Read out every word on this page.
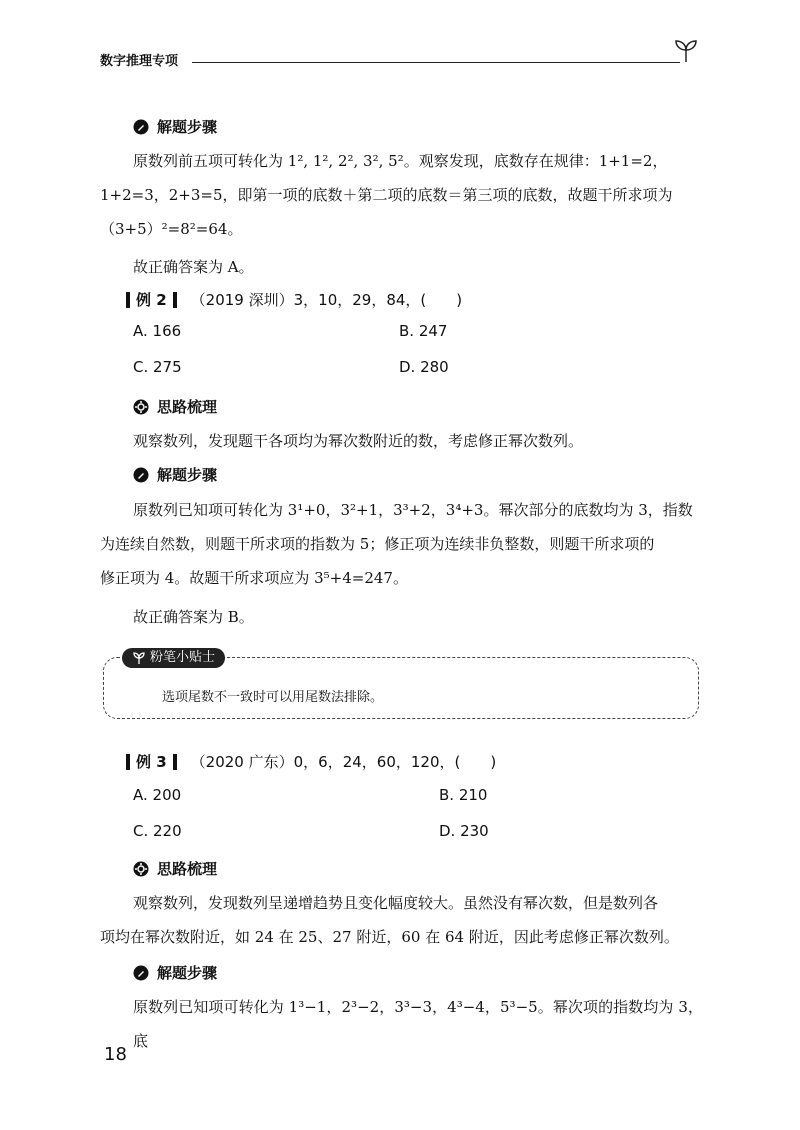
数字推理专项
解题步骤

原数列前五项可转化为 1², 1², 2², 3², 5²。观察发现，底数存在规律：1+1=2，

1+2=3，2+3=5，即第一项的底数＋第二项的底数＝第三项的底数，故题干所求项为

（3+5）²=8²=64。

故正确答案为 A。

例 2 （2019 深圳）3，10，29，84，(　　)
A. 166	B. 247
C. 275	D. 280
思路梳理

观察数列，发现题干各项均为幂次数附近的数，考虑修正幂次数列。

解题步骤

原数列已知项可转化为 3¹+0，3²+1，3³+2，3⁴+3。幂次部分的底数均为 3，指数

为连续自然数，则题干所求项的指数为 5；修正项为连续非负整数，则题干所求项的

修正项为 4。故题干所求项应为 3⁵+4=247。

故正确答案为 B。

粉笔小贴士
选项尾数不一致时可以用尾数法排除。
例 3 （2020 广东）0，6，24，60，120，(　　)
A. 200	B. 210
C. 220	D. 230
思路梳理

观察数列，发现数列呈递增趋势且变化幅度较大。虽然没有幂次数，但是数列各

项均在幂次数附近，如 24 在 25、27 附近，60 在 64 附近，因此考虑修正幂次数列。

解题步骤

原数列已知项可转化为 1³−1，2³−2，3³−3，4³−4，5³−5。幂次项的指数均为 3，底

18
